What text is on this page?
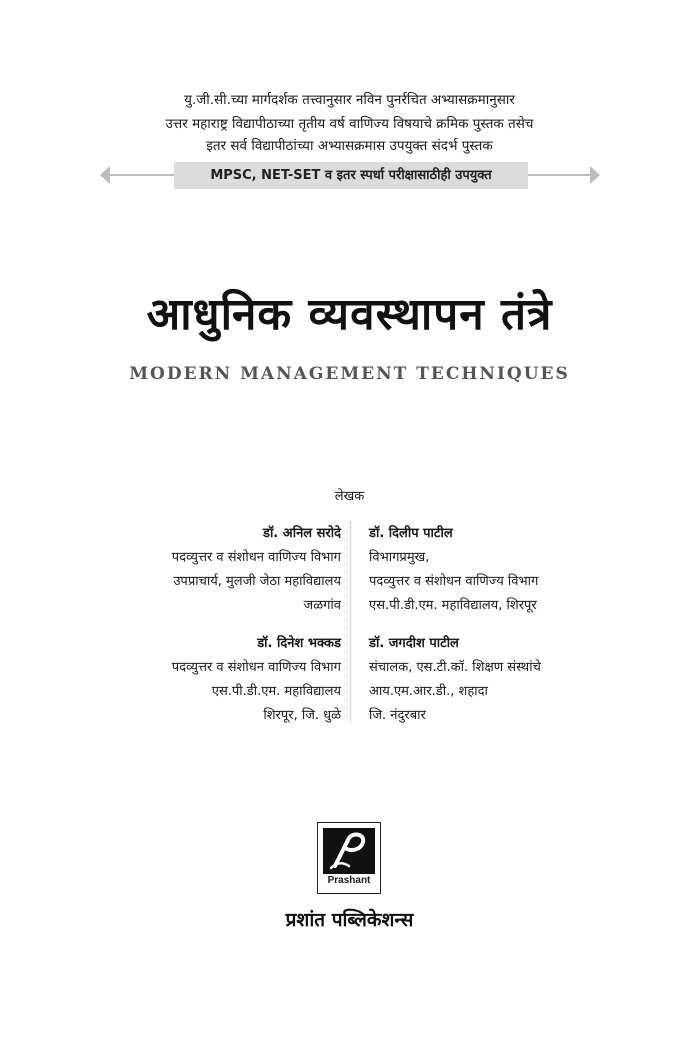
यु.जी.सी.च्या मार्गदर्शक तत्त्वानुसार नविन पुनर्रचित अभ्यासक्रमानुसार
उत्तर महाराष्ट्र विद्यापीठाच्या तृतीय वर्ष वाणिज्य विषयाचे क्रमिक पुस्तक तसेच
इतर सर्व विद्यापीठांच्या अभ्यासक्रमास उपयुक्त संदर्भ पुस्तक
MPSC, NET-SET व इतर स्पर्धा परीक्षासाठीही उपयुक्त
आधुनिक व्यवस्थापन तंत्रे
MODERN MANAGEMENT TECHNIQUES
लेखक
डॉ. अनिल सरोदे
पदव्युत्तर व संशोधन वाणिज्य विभाग
उपप्राचार्य, मुलजी जेठा महाविद्यालय
जळगांव
डॉ. दिलीप पाटील
विभागप्रमुख,
पदव्युत्तर व संशोधन वाणिज्य विभाग
एस.पी.डी.एम. महाविद्यालय, शिरपूर
डॉ. दिनेश भक्कड
पदव्युत्तर व संशोधन वाणिज्य विभाग
एस.पी.डी.एम. महाविद्यालय
शिरपूर, जि. धुळे
डॉ. जगदीश पाटील
संचालक, एस.टी.कॉ. शिक्षण संस्थांचे
आय.एम.आर.डी., शहादा
जि. नंदुरबार
Prashant
प्रशांत पब्लिकेशन्स
